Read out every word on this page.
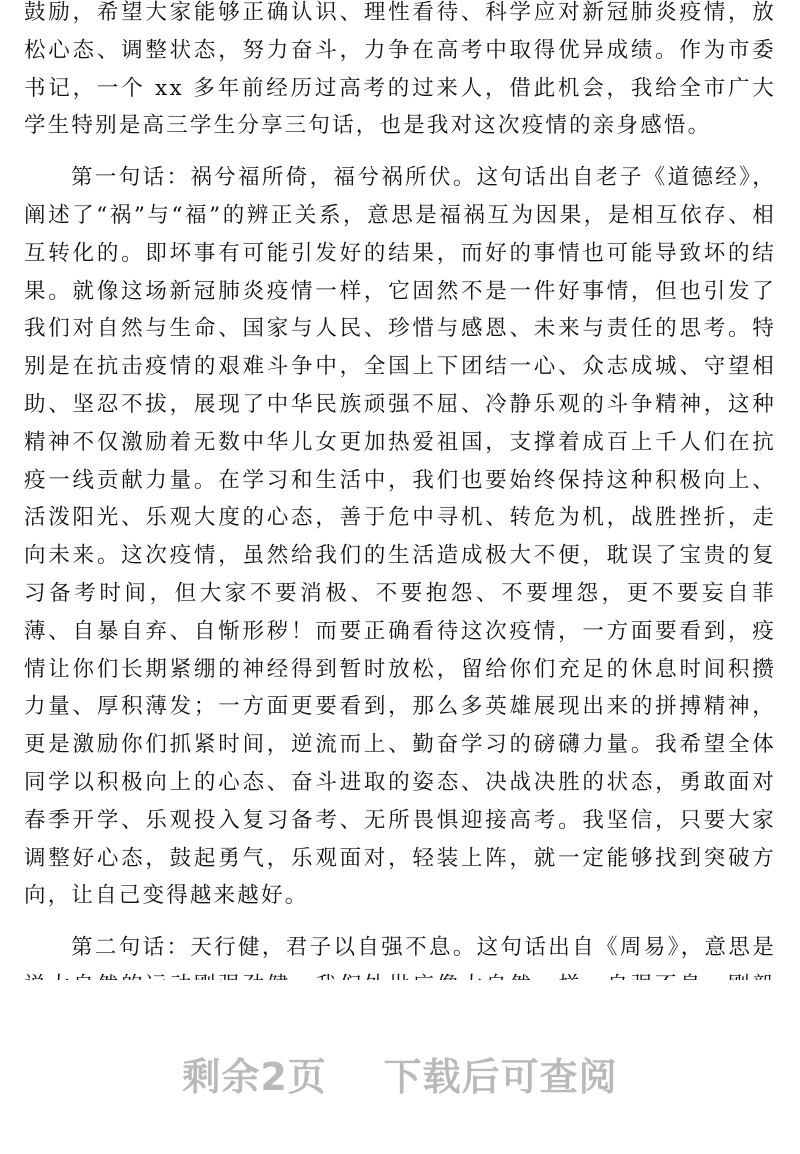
鼓励，希望大家能够正确认识、理性看待、科学应对新冠肺炎疫情，放松心态、调整状态，努力奋斗，力争在高考中取得优异成绩。作为市委书记，一个 xx 多年前经历过高考的过来人，借此机会，我给全市广大学生特别是高三学生分享三句话，也是我对这次疫情的亲身感悟。

第一句话：祸兮福所倚，福兮祸所伏。这句话出自老子《道德经》，阐述了“祸”与“福”的辨正关系，意思是福祸互为因果，是相互依存、相互转化的。即坏事有可能引发好的结果，而好的事情也可能导致坏的结果。就像这场新冠肺炎疫情一样，它固然不是一件好事情，但也引发了我们对自然与生命、国家与人民、珍惜与感恩、未来与责任的思考。特别是在抗击疫情的艰难斗争中，全国上下团结一心、众志成城、守望相助、坚忍不拔，展现了中华民族顽强不屈、冷静乐观的斗争精神，这种精神不仅激励着无数中华儿女更加热爱祖国，支撑着成百上千人们在抗疫一线贡献力量。在学习和生活中，我们也要始终保持这种积极向上、活泼阳光、乐观大度的心态，善于危中寻机、转危为机，战胜挫折，走向未来。这次疫情，虽然给我们的生活造成极大不便，耽误了宝贵的复习备考时间，但大家不要消极、不要抱怨、不要埋怨，更不要妄自菲薄、自暴自弃、自惭形秽！而要正确看待这次疫情，一方面要看到，疫情让你们长期紧绷的神经得到暂时放松，留给你们充足的休息时间积攒力量、厚积薄发；一方面更要看到，那么多英雄展现出来的拼搏精神，更是激励你们抓紧时间，逆流而上、勤奋学习的磅礴力量。我希望全体同学以积极向上的心态、奋斗进取的姿态、决战决胜的状态，勇敢面对春季开学、乐观投入复习备考、无所畏惧迎接高考。我坚信，只要大家调整好心态，鼓起勇气，乐观面对，轻装上阵，就一定能够找到突破方向，让自己变得越来越好。

第二句话：天行健，君子以自强不息。这句话出自《周易》，意思是

剩余2页    下载后可查阅
